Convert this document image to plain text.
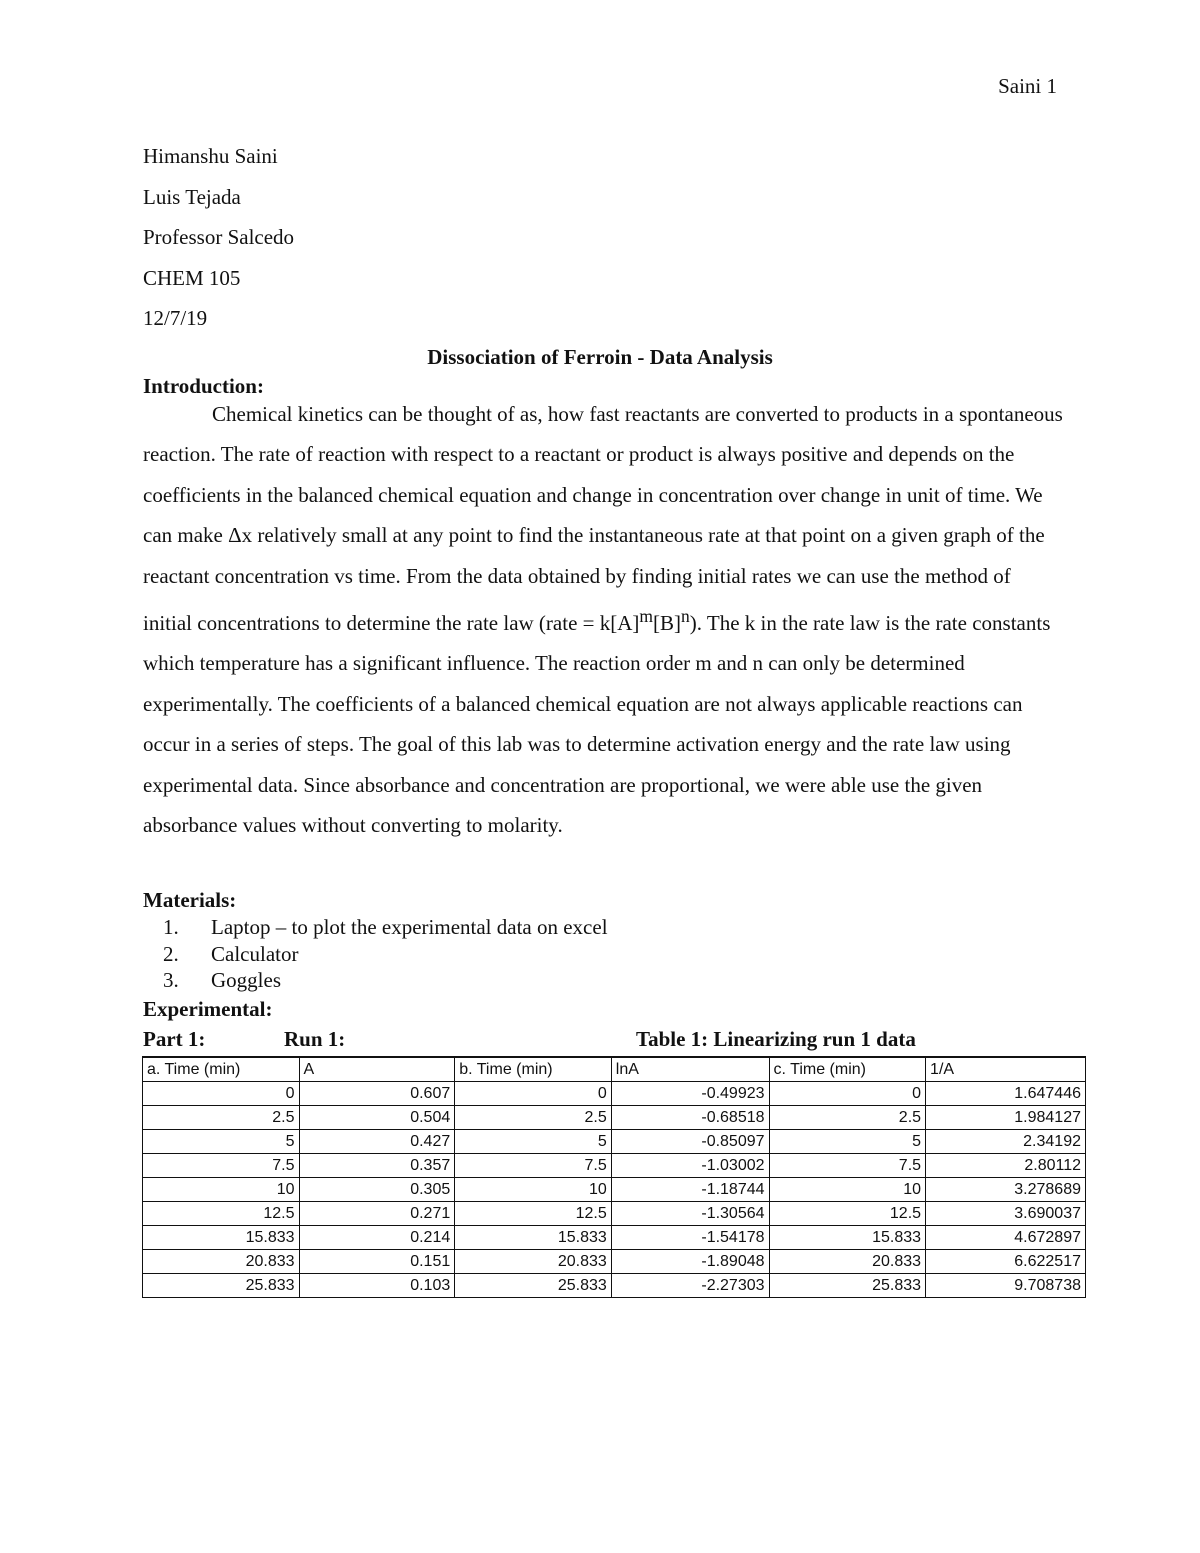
Saini 1
Himanshu Saini
Luis Tejada
Professor Salcedo
CHEM 105
12/7/19
Dissociation of Ferroin - Data Analysis
Introduction:

Chemical kinetics can be thought of as, how fast reactants are converted to products in a spontaneous reaction. The rate of reaction with respect to a reactant or product is always positive and depends on the coefficients in the balanced chemical equation and change in concentration over change in unit of time. We can make Δx relatively small at any point to find the instantaneous rate at that point on a given graph of the reactant concentration vs time. From the data obtained by finding initial rates we can use the method of initial concentrations to determine the rate law (rate = $k[A]^m[B]^n$). The k in the rate law is the rate constants which temperature has a significant influence. The reaction order m and n can only be determined experimentally. The coefficients of a balanced chemical equation are not always applicable reactions can occur in a series of steps. The goal of this lab was to determine activation energy and the rate law using experimental data. Since absorbance and concentration are proportional, we were able use the given absorbance values without converting to molarity.

Materials:
1. Laptop – to plot the experimental data on excel
2. Calculator
3. Goggles
Experimental:
Part 1:	Run 1:	Table 1: Linearizing run 1 data
a. Time (min)	A	b. Time (min)	lnA	c. Time (min)	1/A
0	0.607	0	-0.49923	0	1.647446
2.5	0.504	2.5	-0.68518	2.5	1.984127
5	0.427	5	-0.85097	5	2.34192
7.5	0.357	7.5	-1.03002	7.5	2.80112
10	0.305	10	-1.18744	10	3.278689
12.5	0.271	12.5	-1.30564	12.5	3.690037
15.833	0.214	15.833	-1.54178	15.833	4.672897
20.833	0.151	20.833	-1.89048	20.833	6.622517
25.833	0.103	25.833	-2.27303	25.833	9.708738
